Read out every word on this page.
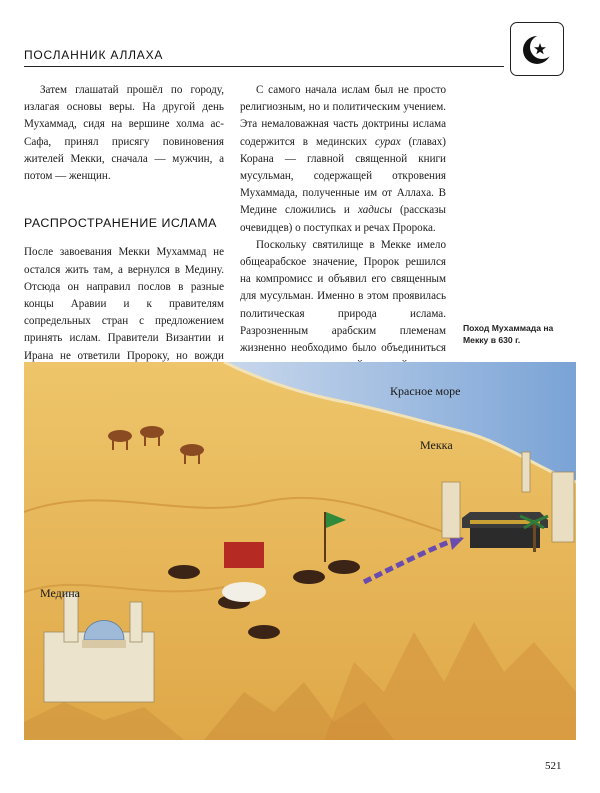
ПОСЛАННИК АЛЛАХА

Затем глашатай прошёл по городу, излагая основы веры. На другой день Мухаммад, сидя на вершине холма ас-Сафа, принял присягу повиновения жителей Мекки, сначала — мужчин, а потом — женщин.

РАСПРОСТРАНЕНИЕ ИСЛАМА

После завоевания Мекки Мухаммад не остался жить там, а вернулся в Медину. Отсюда он направил послов в разные концы Аравии и к правителям сопредельных стран с предложением принять ислам. Правители Византии и Ирана не ответили Пророку, но вожди

С самого начала ислам был не просто религиозным, но и политическим учением. Эта немаловажная часть доктрины ислама содержится в мединских сурах (главах) Корана — главной священной книги мусульман, содержащей откровения Мухаммада, полученные им от Аллаха. В Медине сложились и хадисы (рассказы очевидцев) о поступках и речах Пророка.

Поскольку святилище в Мекке имело общеарабское значение, Пророк решился на компромисс и объявил его священным для мусульман. Именно в этом проявилась политическая природа ислама. Разрозненным арабским племенам жизненно необходимо было объединиться

Поход Мухаммада на Мекку в 630 г.
Красное море
Мекка
Медина
521
